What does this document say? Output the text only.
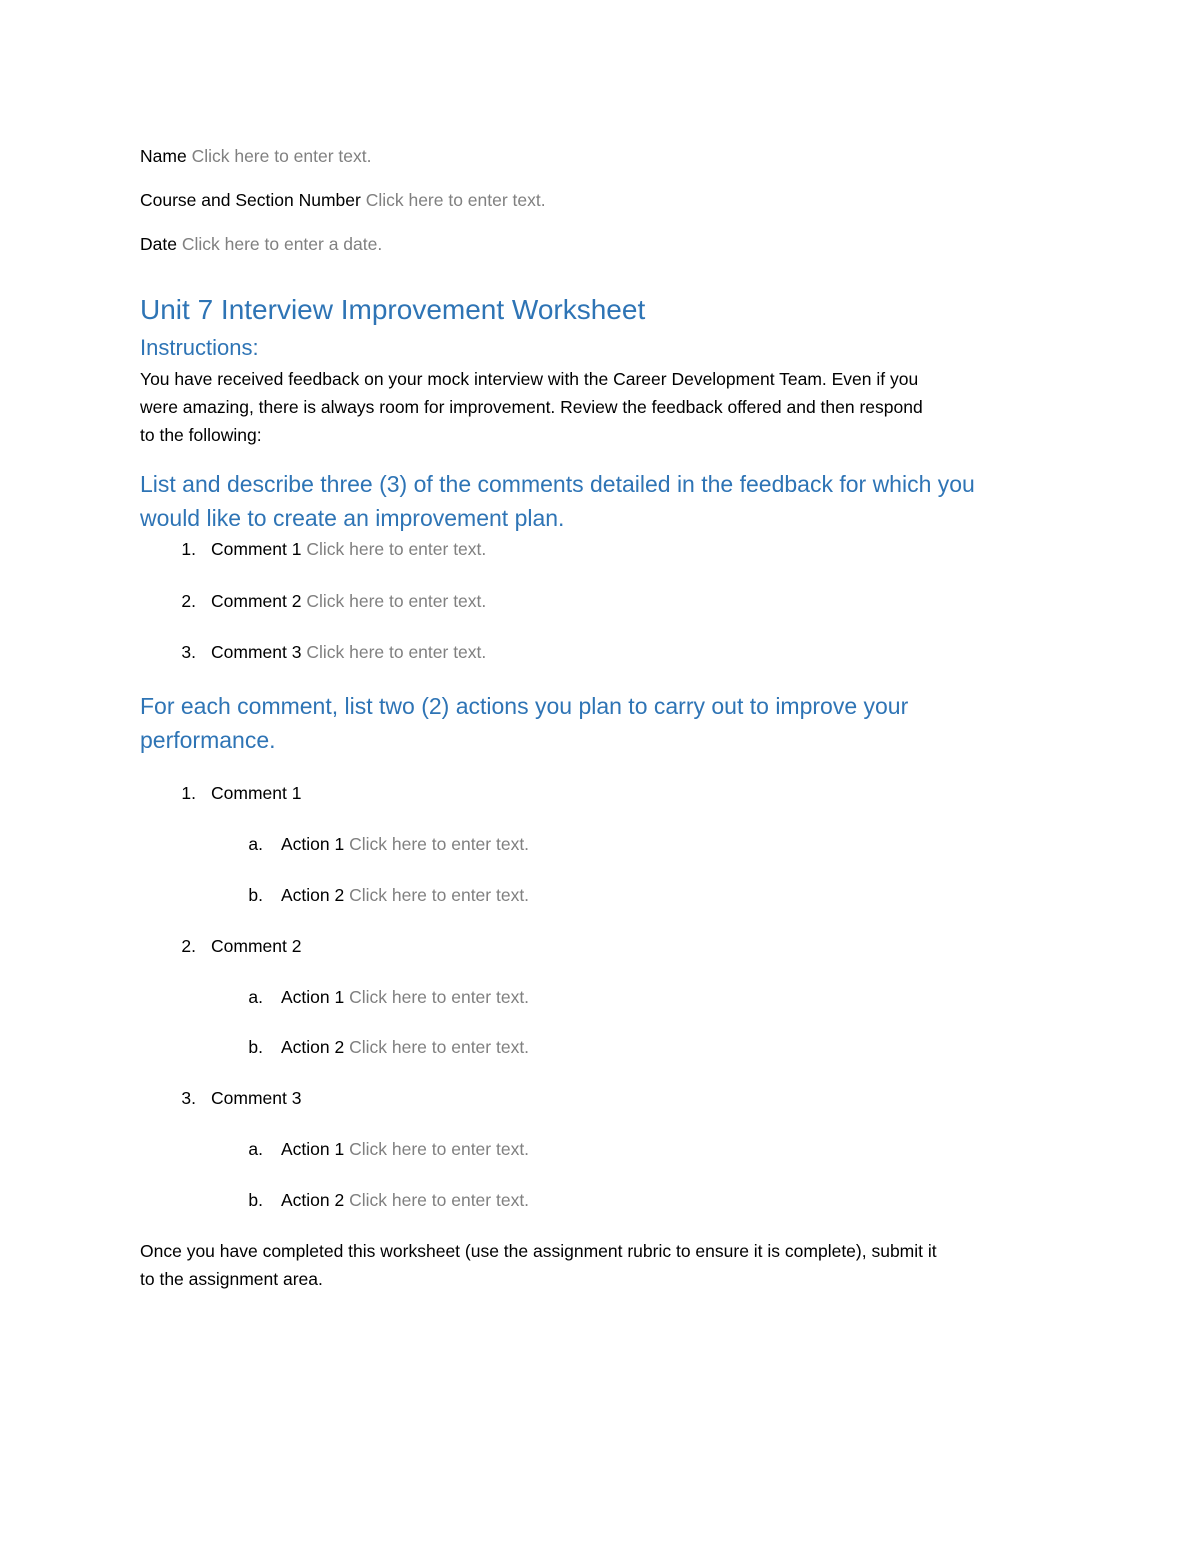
Name Click here to enter text.
Course and Section Number Click here to enter text.
Date Click here to enter a date.
Unit 7 Interview Improvement Worksheet
Instructions:
You have received feedback on your mock interview with the Career Development Team. Even if you
were amazing, there is always room for improvement. Review the feedback offered and then respond
to the following:
List and describe three (3) of the comments detailed in the feedback for which you
would like to create an improvement plan.
1. Comment 1 Click here to enter text.
2. Comment 2 Click here to enter text.
3. Comment 3 Click here to enter text.
For each comment, list two (2) actions you plan to carry out to improve your
performance.
1. Comment 1
a. Action 1 Click here to enter text.
b. Action 2 Click here to enter text.
2. Comment 2
a. Action 1 Click here to enter text.
b. Action 2 Click here to enter text.
3. Comment 3
a. Action 1 Click here to enter text.
b. Action 2 Click here to enter text.
Once you have completed this worksheet (use the assignment rubric to ensure it is complete), submit it
to the assignment area.
